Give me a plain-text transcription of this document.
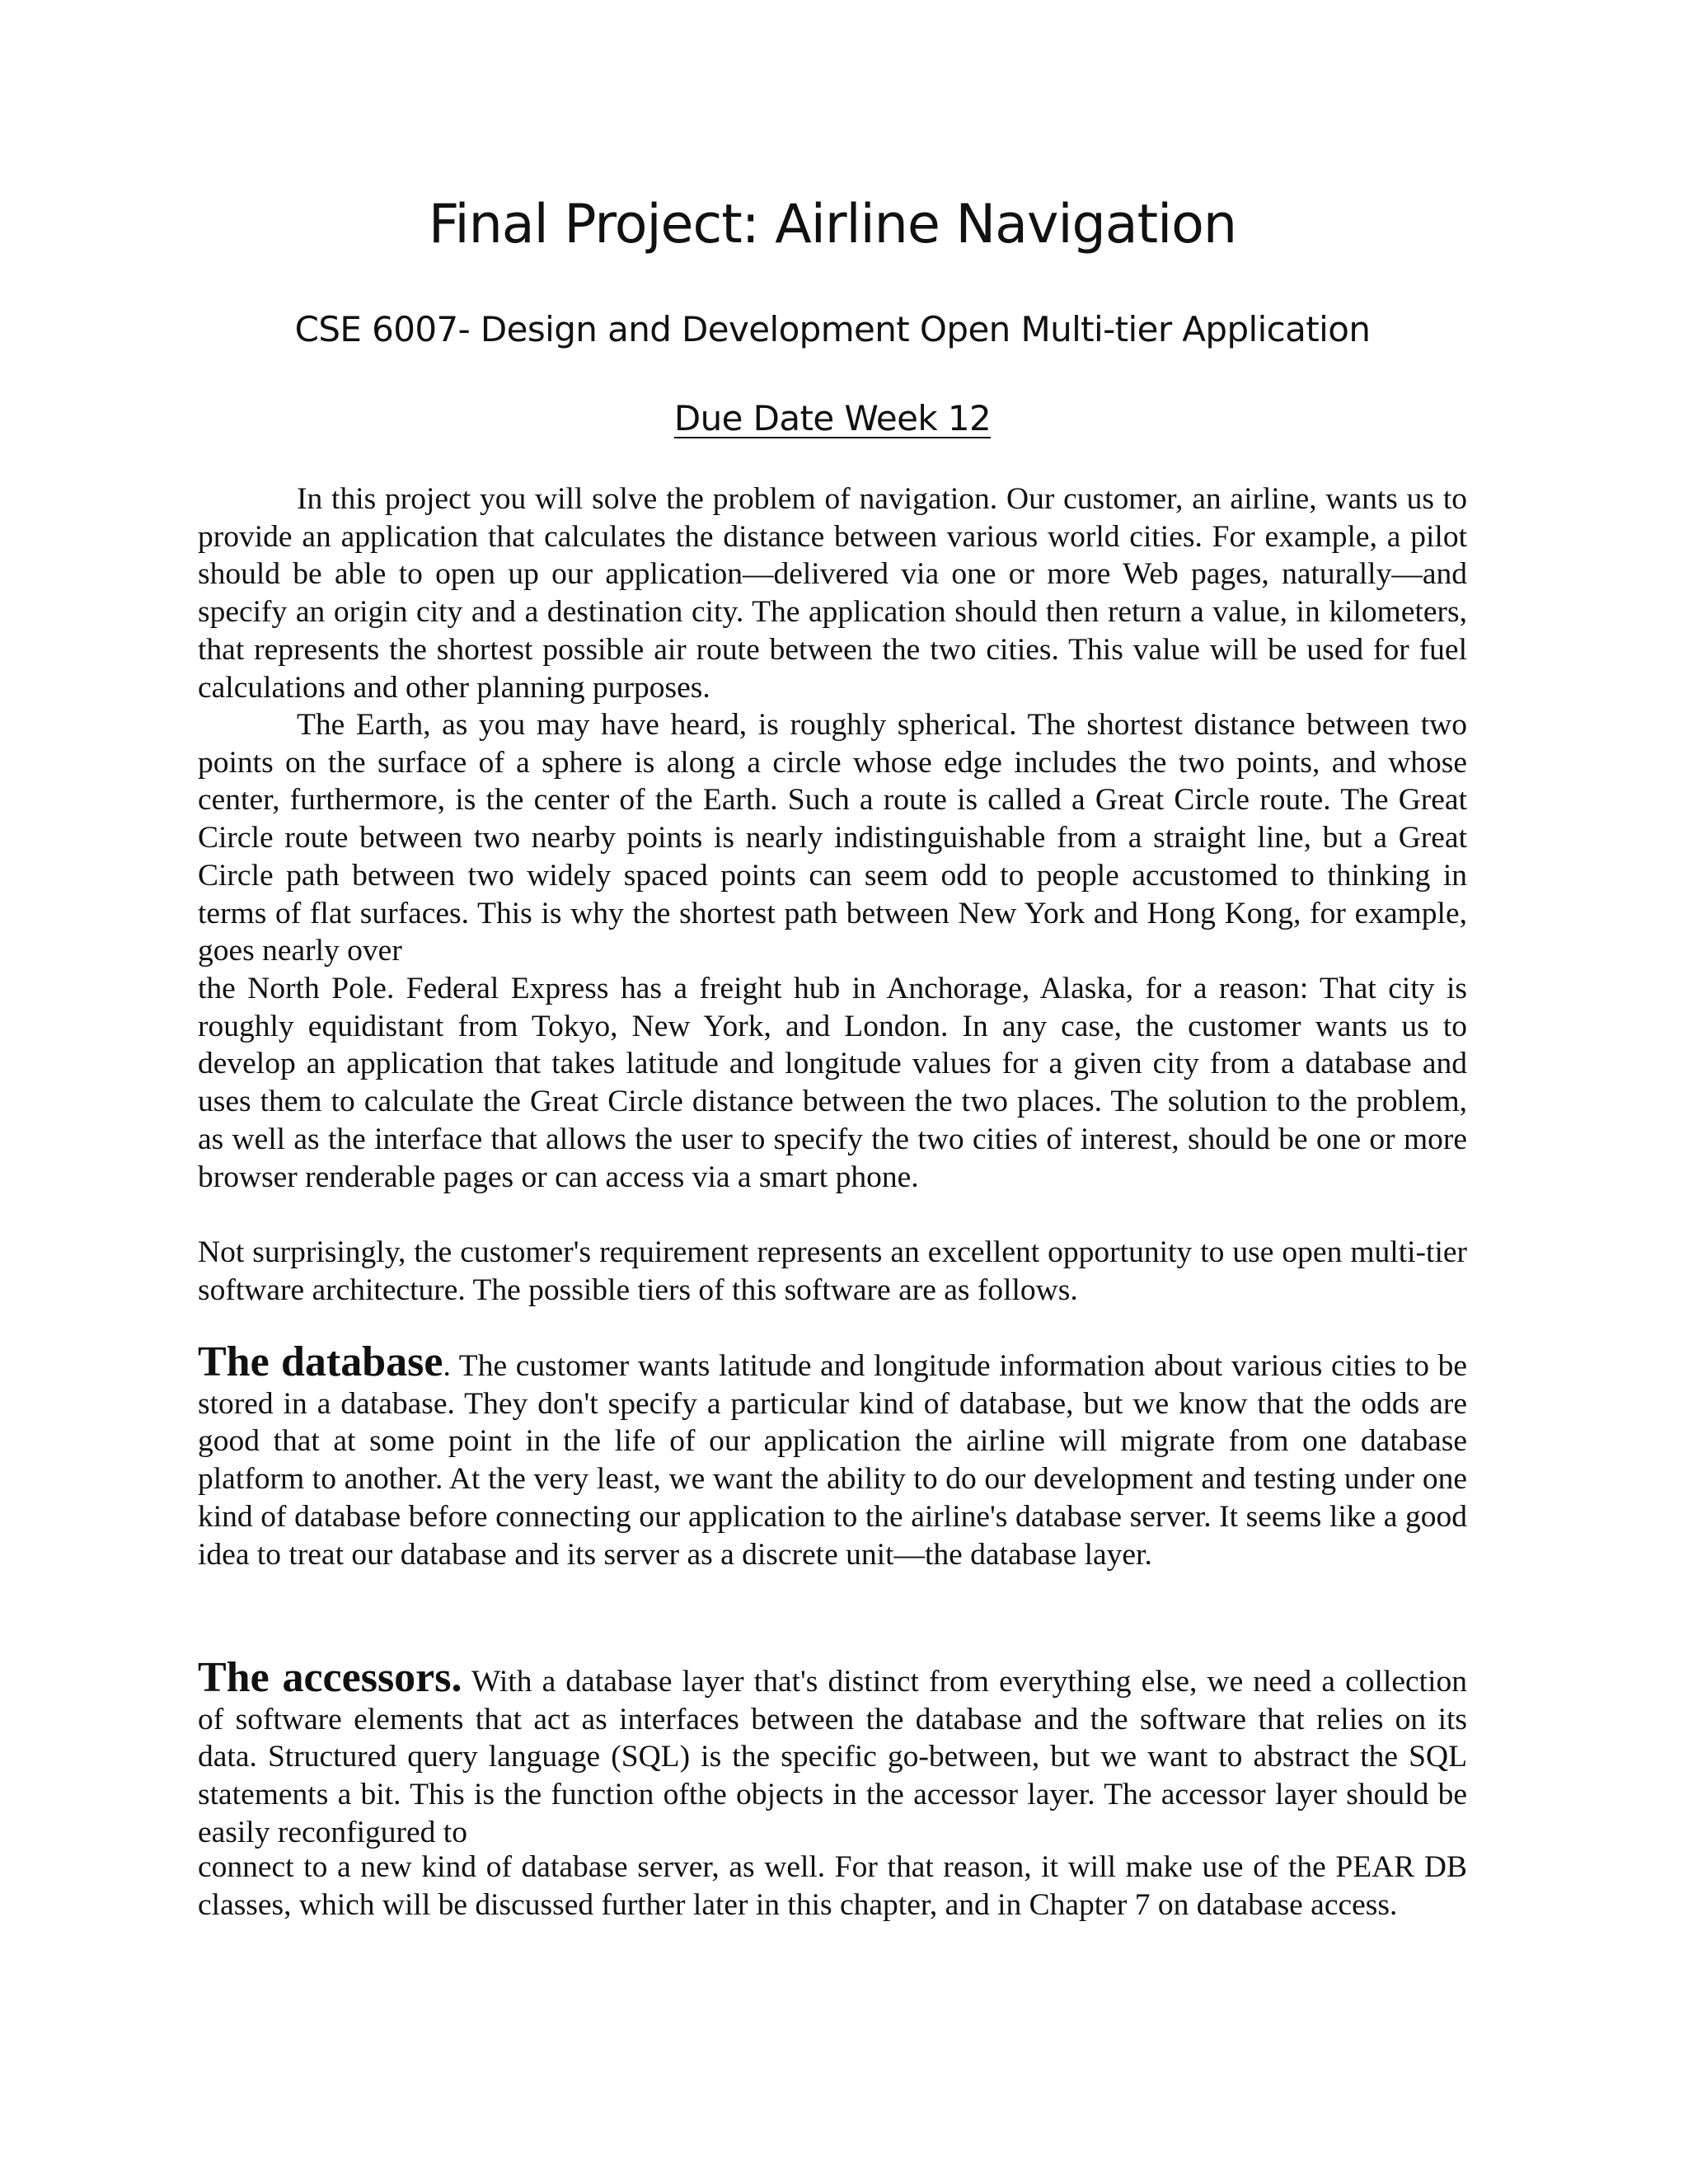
Final Project: Airline Navigation
CSE 6007- Design and Development Open Multi-tier Application
Due Date Week 12

In this project you will solve the problem of navigation. Our customer, an airline, wants us to provide an application that calculates the distance between various world cities. For example, a pilot should be able to open up our application—delivered via one or more Web pages, naturally—and specify an origin city and a destination city. The application should then return a value, in kilometers, that represents the shortest possible air route between the two cities. This value will be used for fuel calculations and other planning purposes.

The Earth, as you may have heard, is roughly spherical. The shortest distance between two points on the surface of a sphere is along a circle whose edge includes the two points, and whose center, furthermore, is the center of the Earth. Such a route is called a Great Circle route. The Great Circle route between two nearby points is nearly indistinguishable from a straight line, but a Great Circle path between two widely spaced points can seem odd to people accustomed to thinking in terms of flat surfaces. This is why the shortest path between New York and Hong Kong, for example, goes nearly over

the North Pole. Federal Express has a freight hub in Anchorage, Alaska, for a reason: That city is roughly equidistant from Tokyo, New York, and London. In any case, the customer wants us to develop an application that takes latitude and longitude values for a given city from a database and uses them to calculate the Great Circle distance between the two places. The solution to the problem, as well as the interface that allows the user to specify the two cities of interest, should be one or more browser renderable pages or can access via a smart phone.

Not surprisingly, the customer's requirement represents an excellent opportunity to use open multi-tier software architecture. The possible tiers of this software are as follows.

The database. The customer wants latitude and longitude information about various cities to be stored in a database. They don't specify a particular kind of database, but we know that the odds are good that at some point in the life of our application the airline will migrate from one database platform to another. At the very least, we want the ability to do our development and testing under one kind of database before connecting our application to the airline's database server. It seems like a good idea to treat our database and its server as a discrete unit—the database layer.

The accessors. With a database layer that's distinct from everything else, we need a collection of software elements that act as interfaces between the database and the software that relies on its data. Structured query language (SQL) is the specific go-between, but we want to abstract the SQL statements a bit. This is the function ofthe objects in the accessor layer. The accessor layer should be easily reconfigured to

connect to a new kind of database server, as well. For that reason, it will make use of the PEAR DB classes, which will be discussed further later in this chapter, and in Chapter 7 on database access.
